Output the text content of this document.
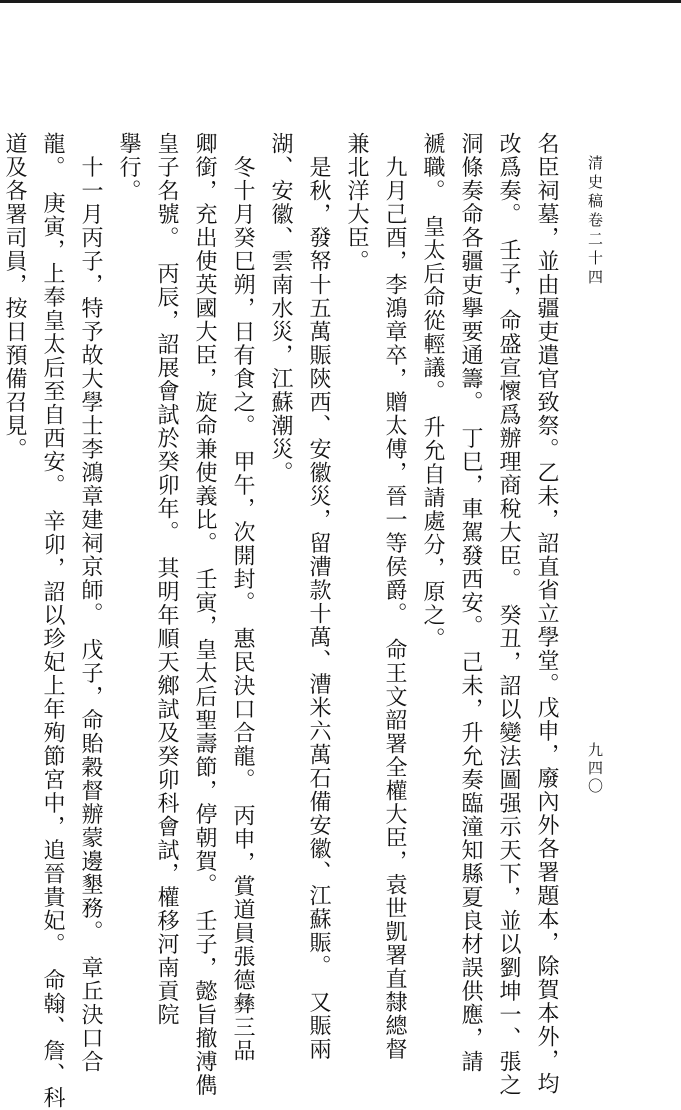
清史稿卷二十四
九四〇
名臣祠墓，並由疆吏遣官致祭。乙未，詔直省立學堂。戊申，廢內外各署題本，除賀本外，均
改爲奏。　壬子，命盛宣懷爲辦理商稅大臣。　癸丑，詔以變法圖强示天下，並以劉坤一、張之
洞條奏命各疆吏擧要通籌。　丁巳，車駕發西安。　己未，升允奏臨潼知縣夏良材誤供應，請
褫職。　皇太后命從輕議。　升允自請處分，原之。
　九月己酉，李鴻章卒，贈太傅，晉一等侯爵。　命王文韶署全權大臣，袁世凱署直隸總督
兼北洋大臣。
　是秋，發帑十五萬賑陝西、安徽災，留漕款十萬、漕米六萬石備安徽、江蘇賑。　又賑兩
湖、安徽、雲南水災，江蘇潮災。
　冬十月癸巳朔，日有食之。　甲午，次開封。　惠民決口合龍。　丙申，賞道員張德彝三品
卿銜，充出使英國大臣，旋命兼使義比。　壬寅，皇太后聖壽節，停朝賀。　壬子，懿旨撤溥儁
皇子名號。　丙辰，詔展會試於癸卯年。　其明年順天鄉試及癸卯科會試，權移河南貢院
擧行。
　十一月丙子，特予故大學士李鴻章建祠京師。　戊子，命貽穀督辦蒙邊墾務。　章丘決口合
龍。　庚寅，上奉皇太后至自西安。　辛卯，詔以珍妃上年殉節宮中，追晉貴妃。　命翰、詹、科
道及各署司員，按日預備召見。
